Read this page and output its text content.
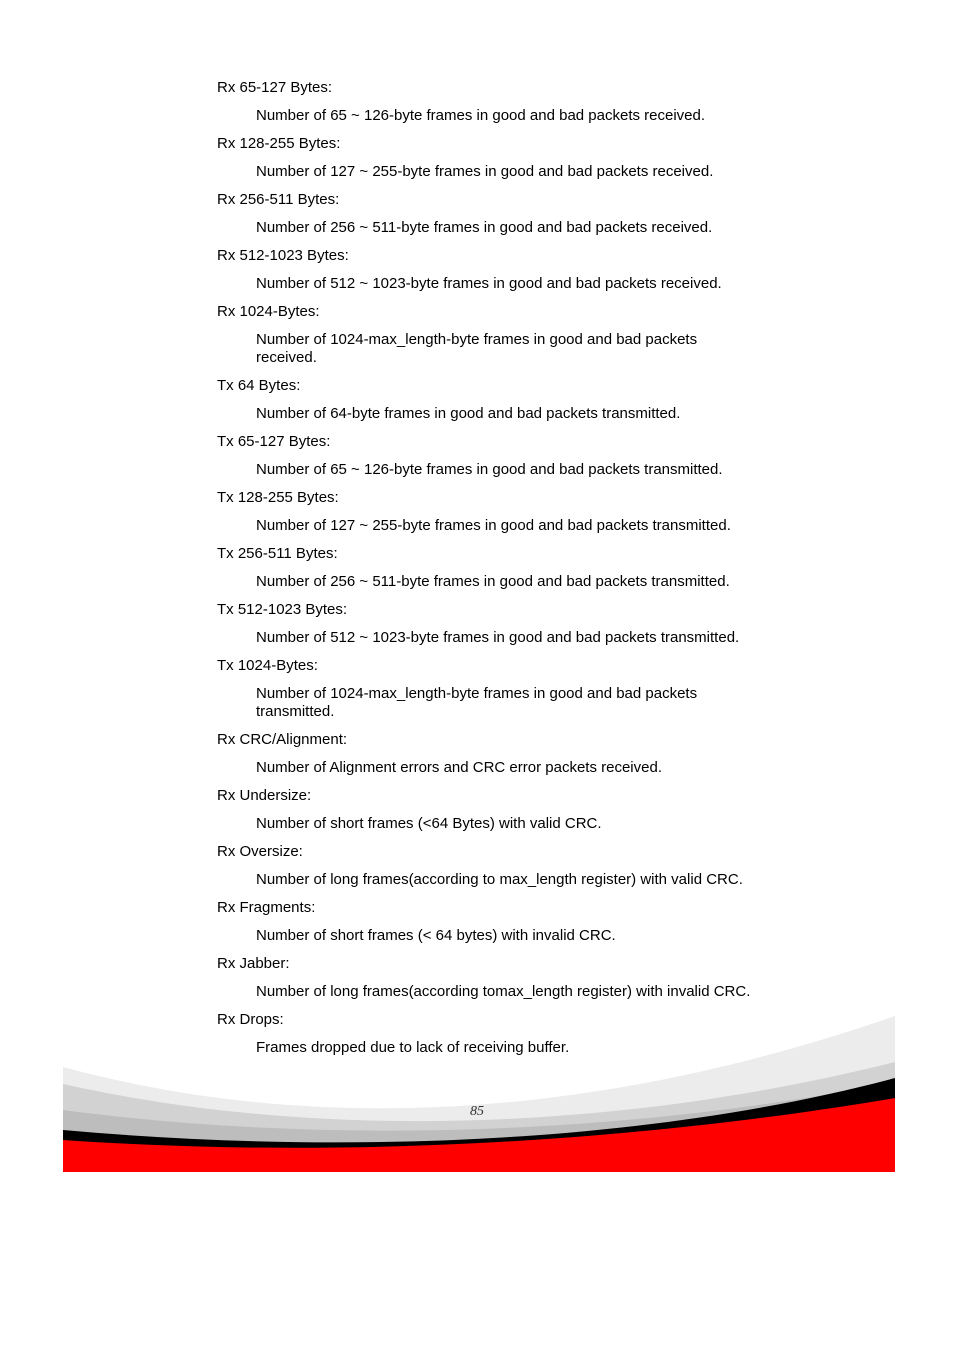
Rx 65-127 Bytes:
Number of 65 ~ 126-byte frames in good and bad packets received.
Rx 128-255 Bytes:
Number of 127 ~ 255-byte frames in good and bad packets received.
Rx 256-511 Bytes:
Number of 256 ~ 511-byte frames in good and bad packets received.
Rx 512-1023 Bytes:
Number of 512 ~ 1023-byte frames in good and bad packets received.
Rx 1024-Bytes:
Number of 1024-max_length-byte frames in good and bad packets received.
Tx 64 Bytes:
Number of 64-byte frames in good and bad packets transmitted.
Tx 65-127 Bytes:
Number of 65 ~ 126-byte frames in good and bad packets transmitted.
Tx 128-255 Bytes:
Number of 127 ~ 255-byte frames in good and bad packets transmitted.
Tx 256-511 Bytes:
Number of 256 ~ 511-byte frames in good and bad packets transmitted.
Tx 512-1023 Bytes:
Number of 512 ~ 1023-byte frames in good and bad packets transmitted.
Tx 1024-Bytes:
Number of 1024-max_length-byte frames in good and bad packets transmitted.
Rx CRC/Alignment:
Number of Alignment errors and CRC error packets received.
Rx Undersize:
Number of short frames (<64 Bytes) with valid CRC.
Rx Oversize:
Number of long frames(according to max_length register) with valid CRC.
Rx Fragments:
Number of short frames (< 64 bytes) with invalid CRC.
Rx Jabber:
Number of long frames(according tomax_length register) with invalid CRC.
Rx Drops:
Frames dropped due to lack of receiving buffer.
85
